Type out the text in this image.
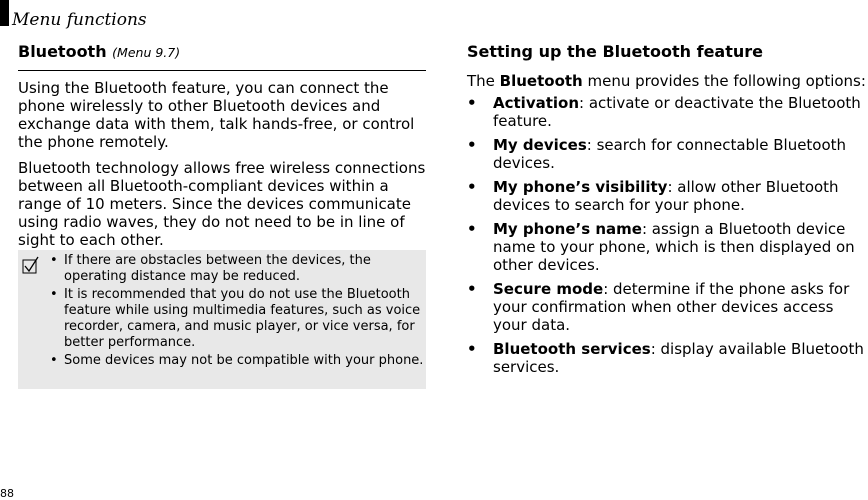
Menu functions
Bluetooth (Menu 9.7)

Using the Bluetooth feature, you can connect the phone wirelessly to other Bluetooth devices and exchange data with them, talk hands-free, or control the phone remotely.

Bluetooth technology allows free wireless connections between all Bluetooth-compliant devices within a range of 10 meters. Since the devices communicate using radio waves, they do not need to be in line of sight to each other.

• If there are obstacles between the devices, the operating distance may be reduced.
• It is recommended that you do not use the Bluetooth feature while using multimedia features, such as voice recorder, camera, and music player, or vice versa, for better performance.
• Some devices may not be compatible with your phone.
Setting up the Bluetooth feature

The Bluetooth menu provides the following options:

• Activation: activate or deactivate the Bluetooth feature.
• My devices: search for connectable Bluetooth devices.
• My phone’s visibility: allow other Bluetooth devices to search for your phone.
• My phone’s name: assign a Bluetooth device name to your phone, which is then displayed on other devices.
• Secure mode: determine if the phone asks for your confirmation when other devices access your data.
• Bluetooth services: display available Bluetooth services.
88
